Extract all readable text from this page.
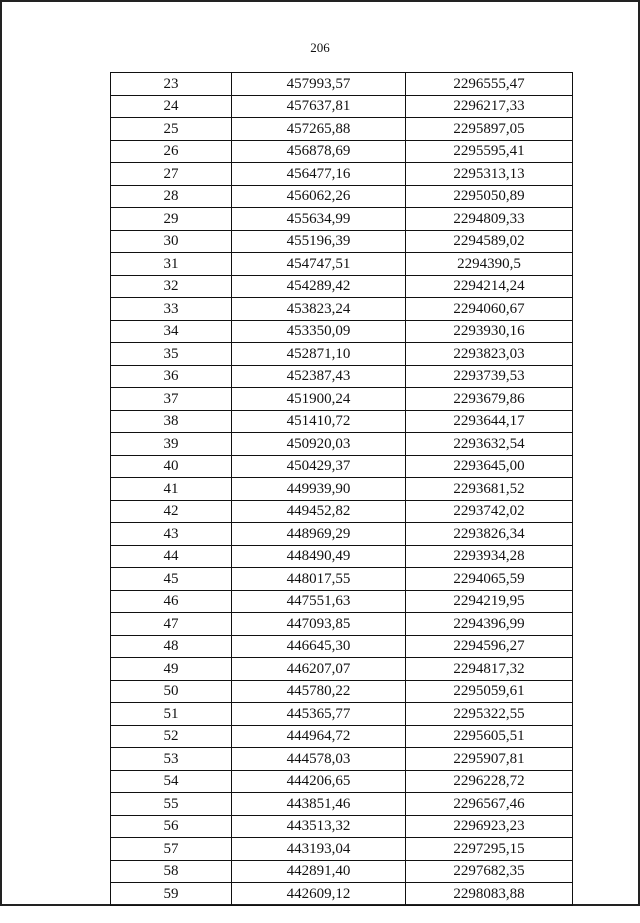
206
23	457993,57	2296555,47
24	457637,81	2296217,33
25	457265,88	2295897,05
26	456878,69	2295595,41
27	456477,16	2295313,13
28	456062,26	2295050,89
29	455634,99	2294809,33
30	455196,39	2294589,02
31	454747,51	2294390,5
32	454289,42	2294214,24
33	453823,24	2294060,67
34	453350,09	2293930,16
35	452871,10	2293823,03
36	452387,43	2293739,53
37	451900,24	2293679,86
38	451410,72	2293644,17
39	450920,03	2293632,54
40	450429,37	2293645,00
41	449939,90	2293681,52
42	449452,82	2293742,02
43	448969,29	2293826,34
44	448490,49	2293934,28
45	448017,55	2294065,59
46	447551,63	2294219,95
47	447093,85	2294396,99
48	446645,30	2294596,27
49	446207,07	2294817,32
50	445780,22	2295059,61
51	445365,77	2295322,55
52	444964,72	2295605,51
53	444578,03	2295907,81
54	444206,65	2296228,72
55	443851,46	2296567,46
56	443513,32	2296923,23
57	443193,04	2297295,15
58	442891,40	2297682,35
59	442609,12	2298083,88
